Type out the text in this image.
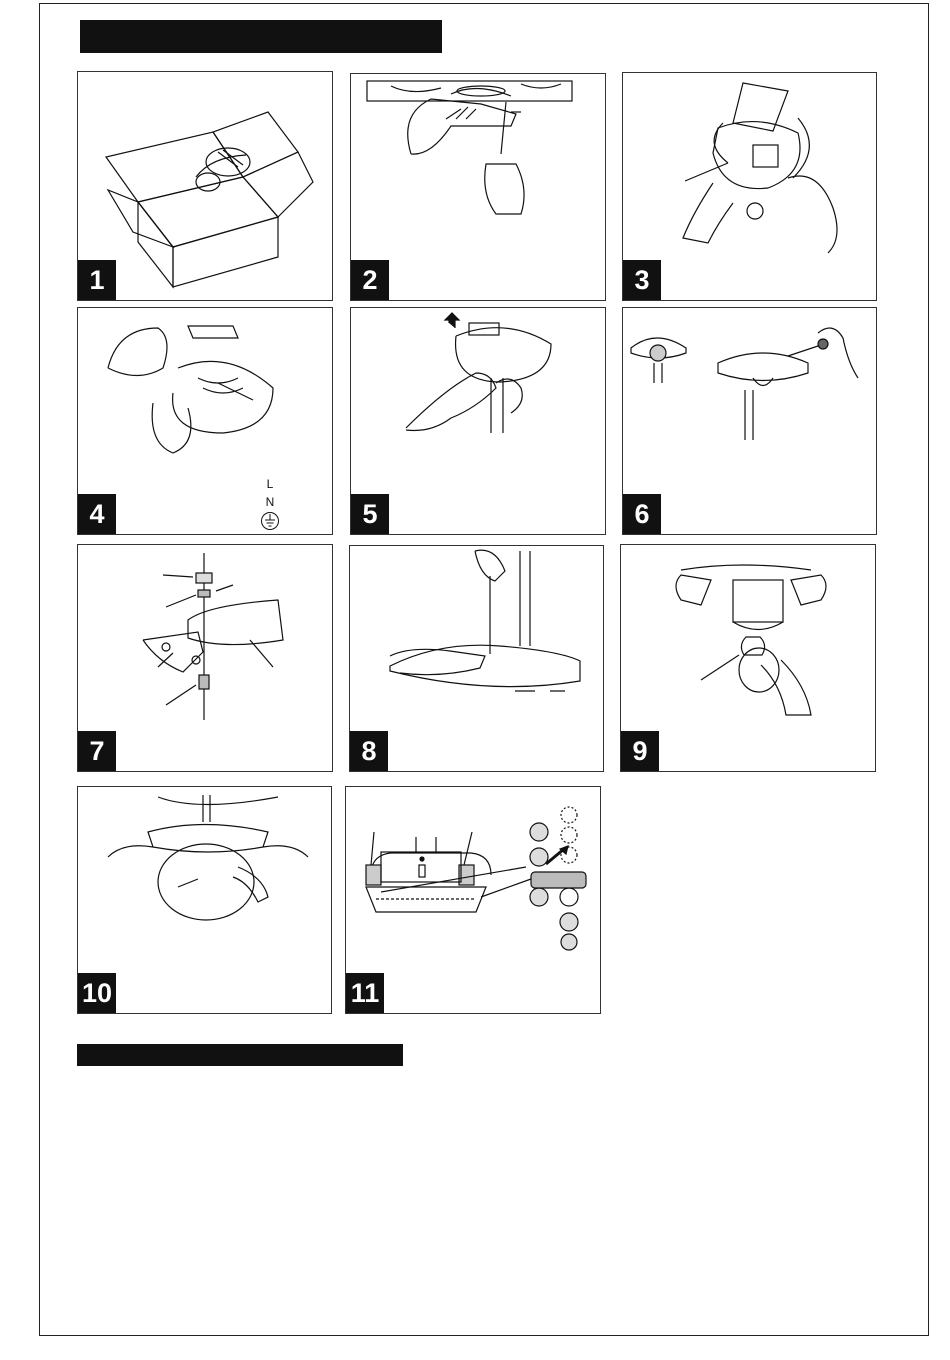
1	2	3
L
N
4	5	6
7	8	9
10	11
